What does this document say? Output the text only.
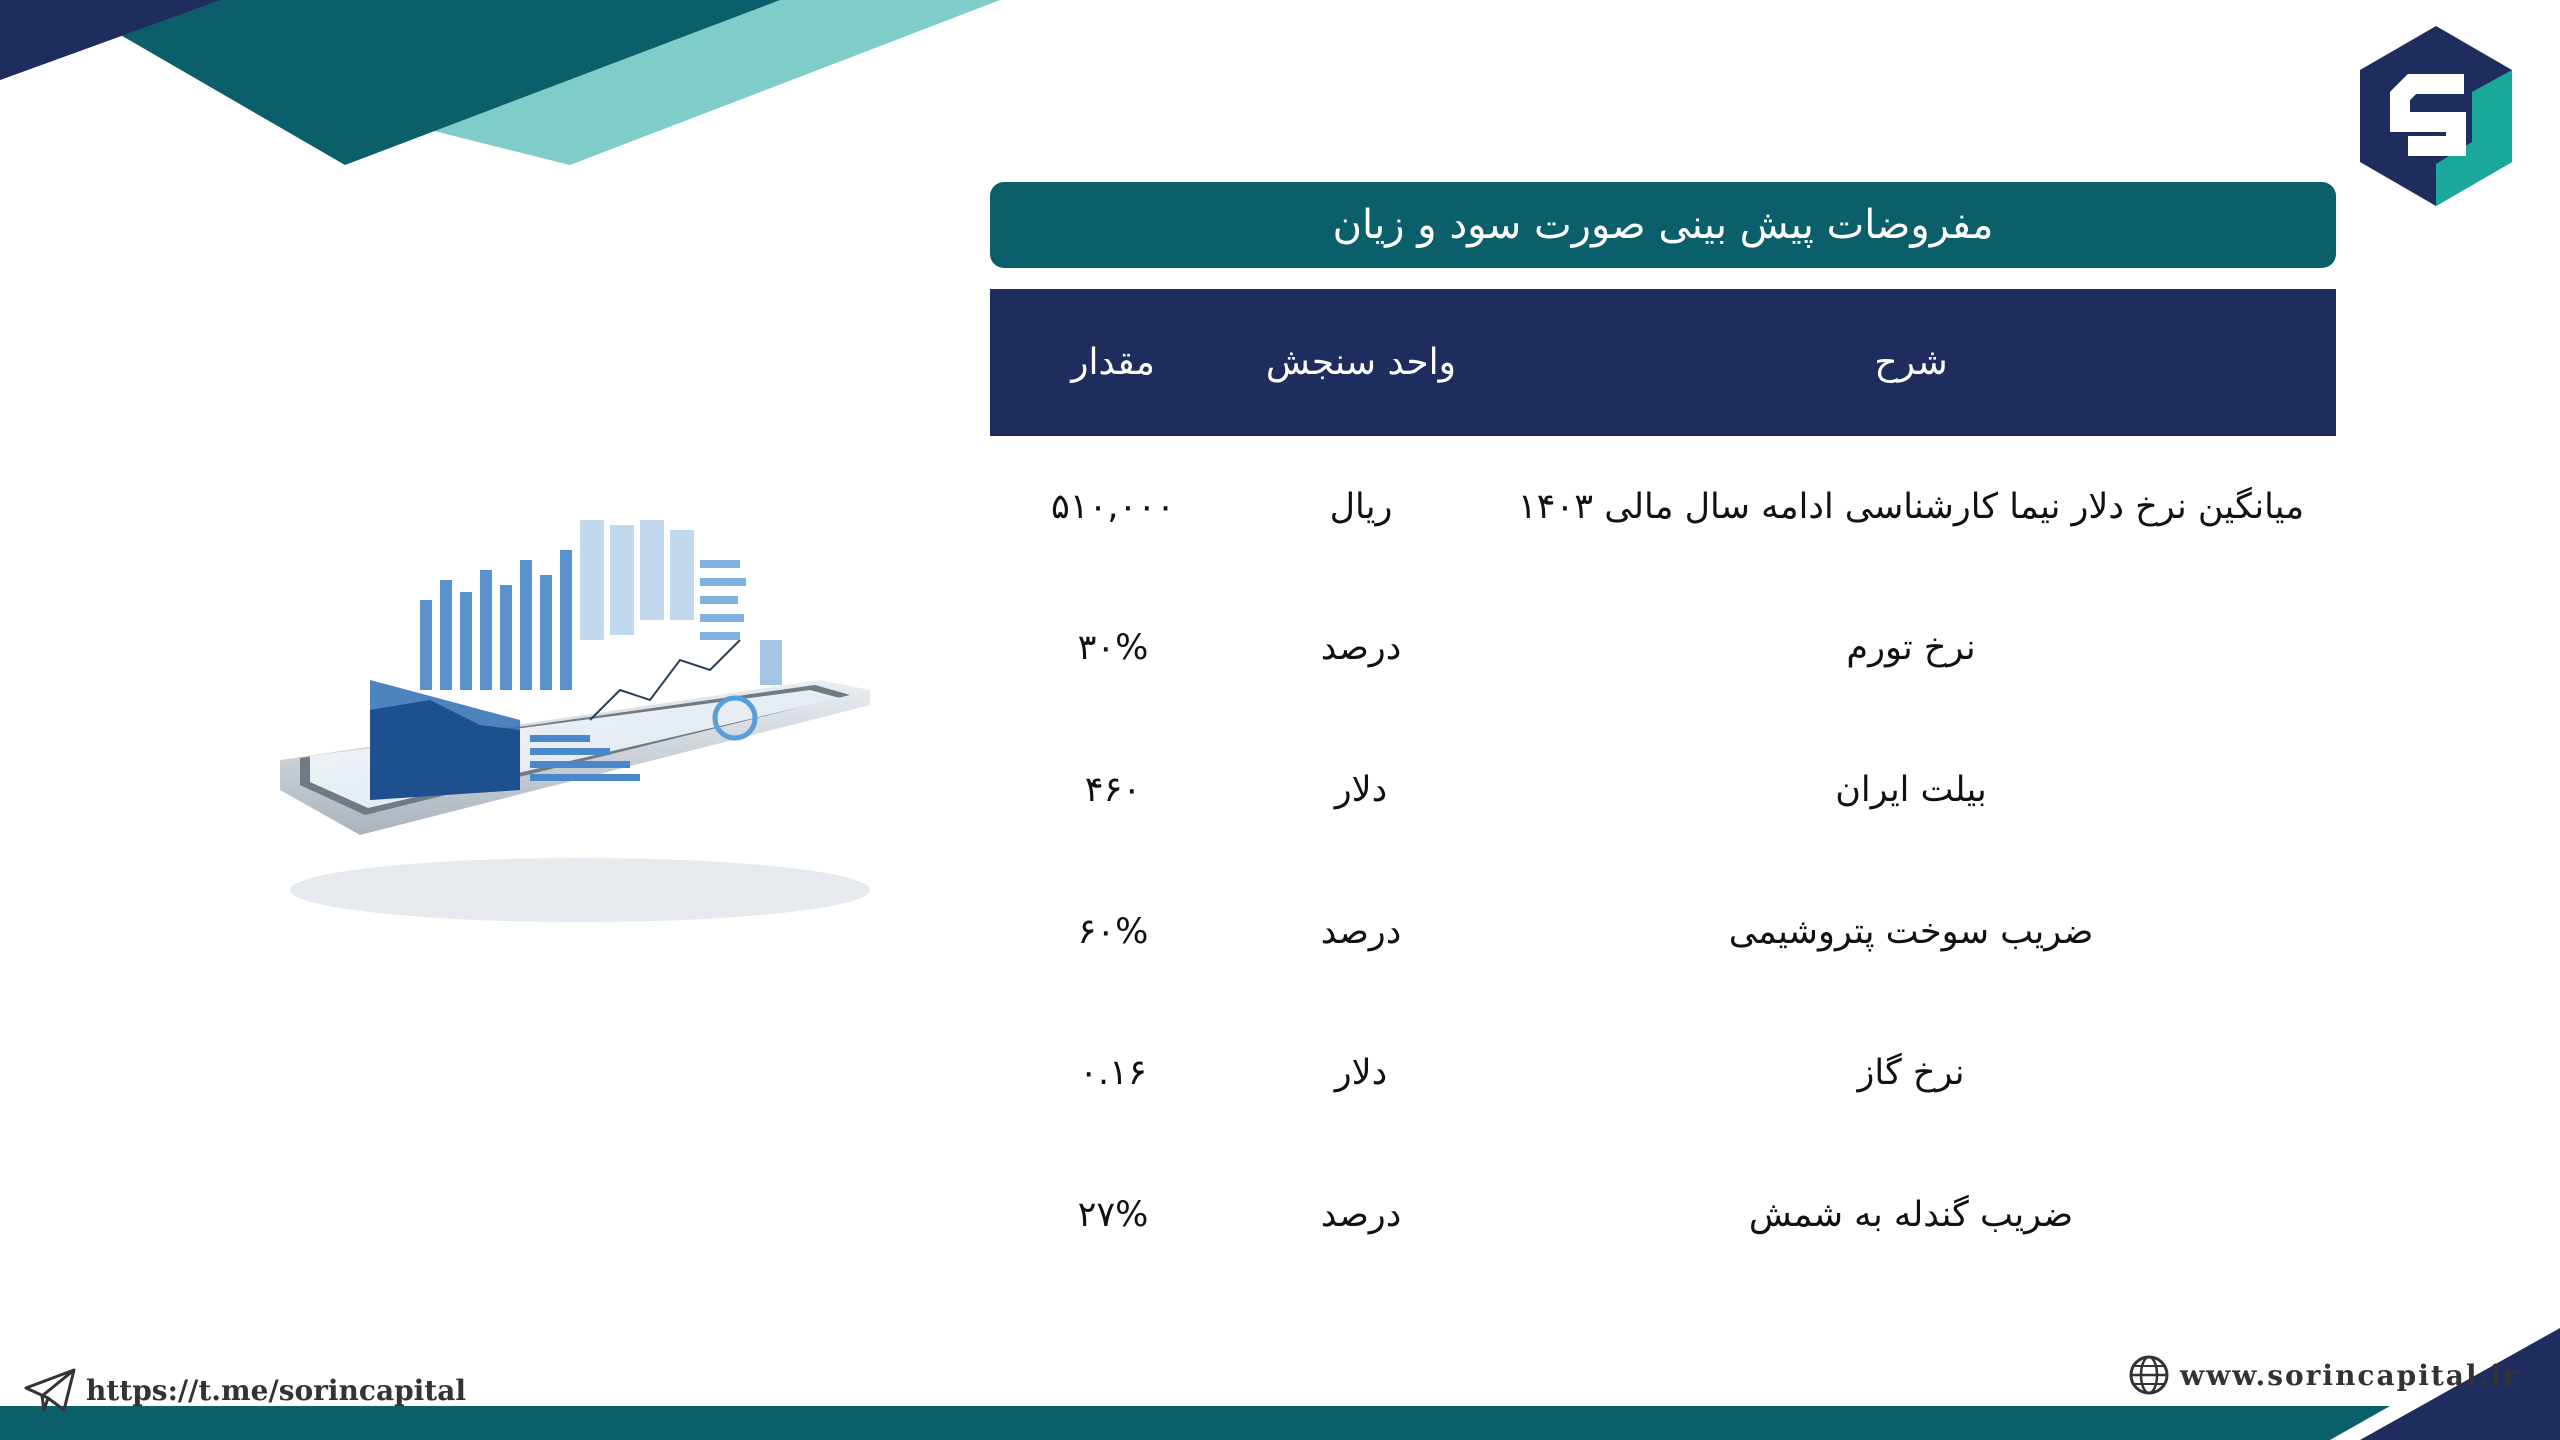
مفروضات پیش بینی صورت سود و زیان
شرح
واحد سنجش
مقدار
میانگین نرخ دلار نیما کارشناسی ادامه سال مالی ۱۴۰۳
ریال
۵۱۰,۰۰۰
نرخ تورم
درصد
۳۰%
بیلت ایران
دلار
۴۶۰
ضریب سوخت پتروشیمی
درصد
۶۰%
نرخ گاز
دلار
۰.۱۶
ضریب گندله به شمش
درصد
۲۷%
https://t.me/sorincapital	www.sorincapital.ir
